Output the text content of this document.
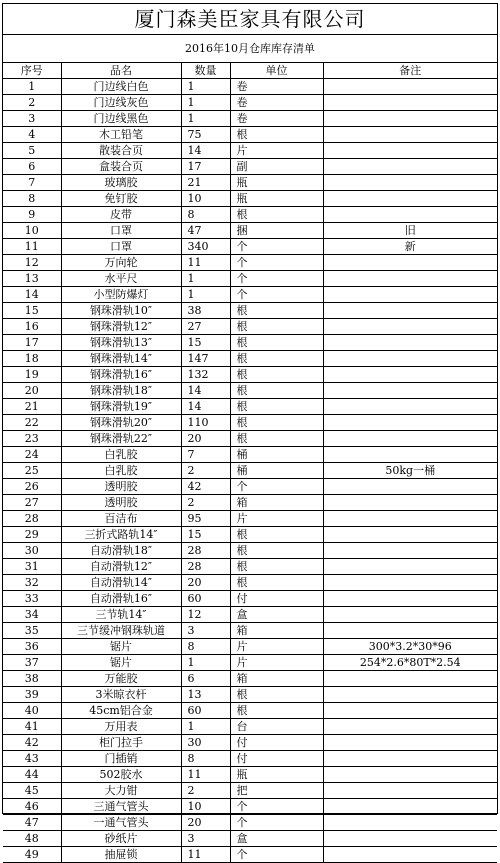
厦门森美臣家具有限公司
2016年10月仓库库存清单
序号	品名	数量	单位	备注
1	门边线白色	1	卷	
2	门边线灰色	1	卷	
3	门边线黑色	1	卷	
4	木工铅笔	75	根	
5	散装合页	14	片	
6	盒装合页	17	副	
7	玻璃胶	21	瓶	
8	免钉胶	10	瓶	
9	皮带	8	根	
10	口罩	47	捆	旧
11	口罩	340	个	新
12	万向轮	11	个	
13	水平尺	1	个	
14	小型防爆灯	1	个	
15	钢珠滑轨10″	38	根	
16	钢珠滑轨12″	27	根	
17	钢珠滑轨13″	15	根	
18	钢珠滑轨14″	147	根	
19	钢珠滑轨16″	132	根	
20	钢珠滑轨18″	14	根	
21	钢珠滑轨19″	14	根	
22	钢珠滑轨20″	110	根	
23	钢珠滑轨22″	20	根	
24	白乳胶	7	桶	
25	白乳胶	2	桶	50kg一桶
26	透明胶	42	个	
27	透明胶	2	箱	
28	百洁布	95	片	
29	三折式路轨14″	15	根	
30	自动滑轨18″	28	根	
31	自动滑轨12″	28	根	
32	自动滑轨14″	20	根	
33	自动滑轨16″	60	付	
34	三节轨14″	12	盒	
35	三节缓冲钢珠轨道	3	箱	
36	锯片	8	片	300*3.2*30*96
37	锯片	1	片	254*2.6*80T*2.54
38	万能胶	6	箱	
39	3米晾衣杆	13	根	
40	45cm铝合金	60	根	
41	万用表	1	台	
42	柜门拉手	30	付	
43	门插销	8	付	
44	502胶水	11	瓶	
45	大力钳	2	把	
46	三通气管头	10	个	
47	一通气管头	20	个	
48	砂纸片	3	盒	
49	抽屉锁	11	个	
